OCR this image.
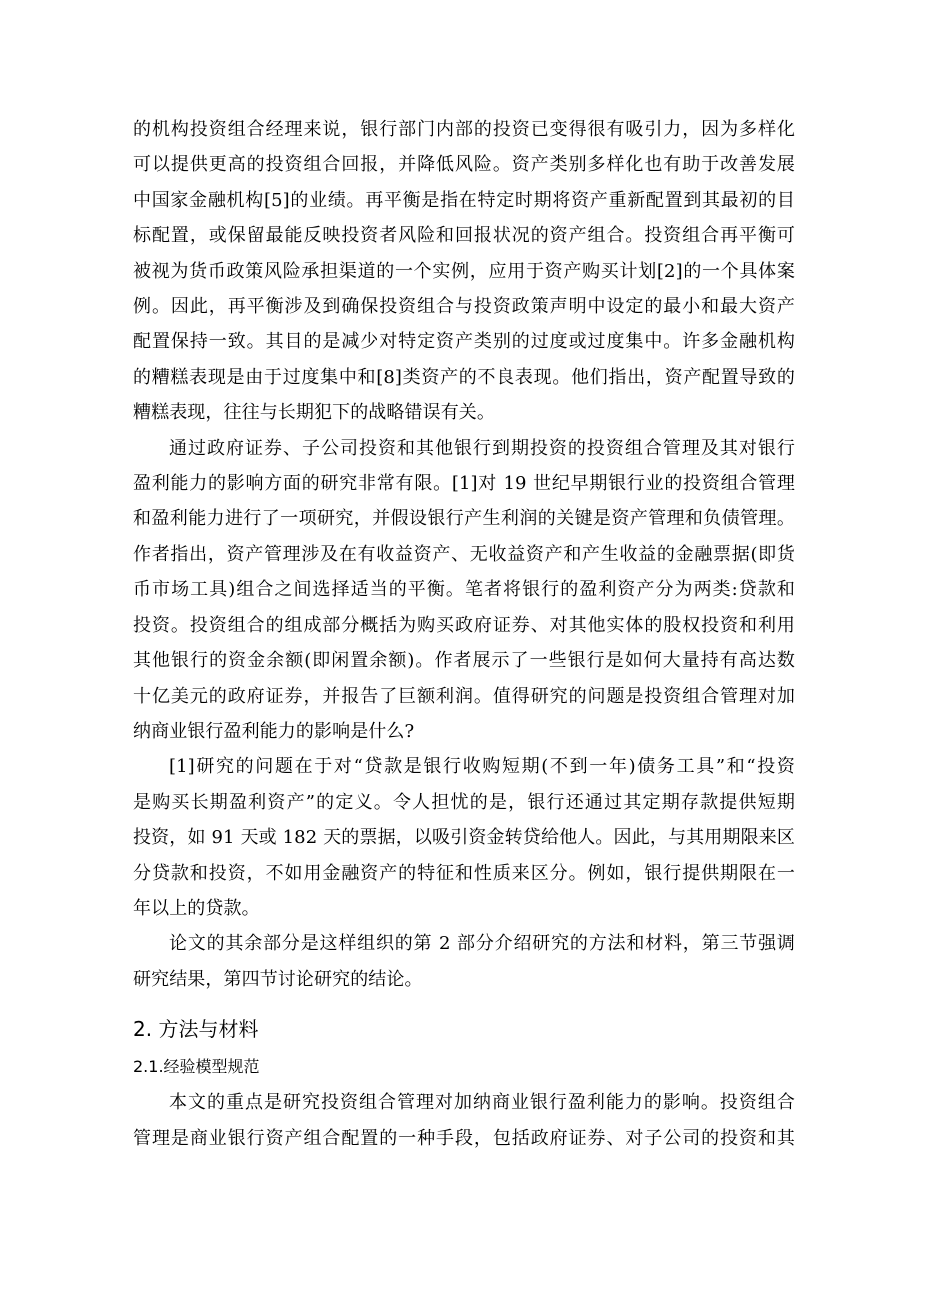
的机构投资组合经理来说，银行部门内部的投资已变得很有吸引力，因为多样化
可以提供更高的投资组合回报，并降低风险。资产类别多样化也有助于改善发展
中国家金融机构[5]的业绩。再平衡是指在特定时期将资产重新配置到其最初的目
标配置，或保留最能反映投资者风险和回报状况的资产组合。投资组合再平衡可
被视为货币政策风险承担渠道的一个实例，应用于资产购买计划[2]的一个具体案
例。因此，再平衡涉及到确保投资组合与投资政策声明中设定的最小和最大资产
配置保持一致。其目的是减少对特定资产类别的过度或过度集中。许多金融机构
的糟糕表现是由于过度集中和[8]类资产的不良表现。他们指出，资产配置导致的
糟糕表现，往往与长期犯下的战略错误有关。

通过政府证券、子公司投资和其他银行到期投资的投资组合管理及其对银行
盈利能力的影响方面的研究非常有限。[1]对 19 世纪早期银行业的投资组合管理
和盈利能力进行了一项研究，并假设银行产生利润的关键是资产管理和负债管理。
作者指出，资产管理涉及在有收益资产、无收益资产和产生收益的金融票据(即货
币市场工具)组合之间选择适当的平衡。笔者将银行的盈利资产分为两类:贷款和
投资。投资组合的组成部分概括为购买政府证券、对其他实体的股权投资和利用
其他银行的资金余额(即闲置余额)。作者展示了一些银行是如何大量持有高达数
十亿美元的政府证券，并报告了巨额利润。值得研究的问题是投资组合管理对加
纳商业银行盈利能力的影响是什么?

[1]研究的问题在于对“贷款是银行收购短期(不到一年)债务工具”和“投资
是购买长期盈利资产”的定义。令人担忧的是，银行还通过其定期存款提供短期
投资，如 91 天或 182 天的票据，以吸引资金转贷给他人。因此，与其用期限来区
分贷款和投资，不如用金融资产的特征和性质来区分。例如，银行提供期限在一
年以上的贷款。

论文的其余部分是这样组织的第 2 部分介绍研究的方法和材料，第三节强调
研究结果，第四节讨论研究的结论。

2. 方法与材料
2.1.经验模型规范

本文的重点是研究投资组合管理对加纳商业银行盈利能力的影响。投资组合
管理是商业银行资产组合配置的一种手段，包括政府证券、对子公司的投资和其
